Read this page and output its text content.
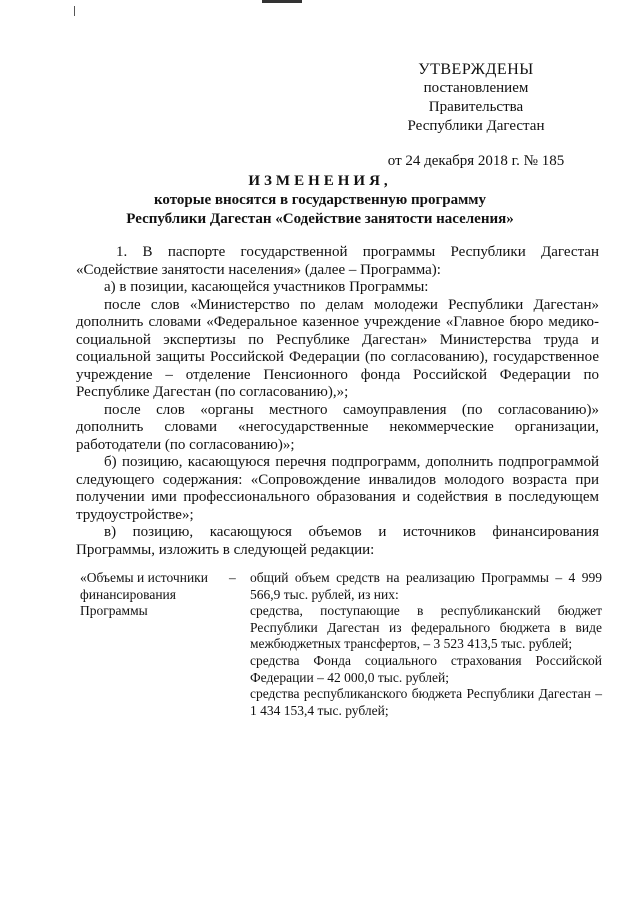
УТВЕРЖДЕНЫ
постановлением Правительства
Республики Дагестан
от 24 декабря 2018 г. № 185
ИЗМЕНЕНИЯ,
которые вносятся в государственную программу
Республики Дагестан «Содействие занятости населения»

1. В паспорте государственной программы Республики Дагестан «Содействие занятости населения» (далее – Программа):

а) в позиции, касающейся участников Программы:

после слов «Министерство по делам молодежи Республики Дагестан» дополнить словами «Федеральное казенное учреждение «Главное бюро медико-социальной экспертизы по Республике Дагестан» Министерства труда и социальной защиты Российской Федерации (по согласованию), государственное учреждение – отделение Пенсионного фонда Российской Федерации по Республике Дагестан (по согласованию),»;

после слов «органы местного самоуправления (по согласованию)» дополнить словами «негосударственные некоммерческие организации, работодатели (по согласованию)»;

б) позицию, касающуюся перечня подпрограмм, дополнить подпрограммой следующего содержания: «Сопровождение инвалидов молодого возраста при получении ими профессионального образования и содействия в последующем трудоустройстве»;

в) позицию, касающуюся объемов и источников финансирования Программы, изложить в следующей редакции:

«Объемы и источники финансирования Программы
–	общий объем средств на реализацию Программы – 4 999 566,9 тыс. рублей, из них:

средства, поступающие в республиканский бюджет Республики Дагестан из федерального бюджета в виде межбюджетных трансфертов, – 3 523 413,5 тыс. рублей;

средства Фонда социального страхования Российской Федерации – 42 000,0 тыс. рублей;

средства республиканского бюджета Республики Дагестан – 1 434 153,4 тыс. рублей;
